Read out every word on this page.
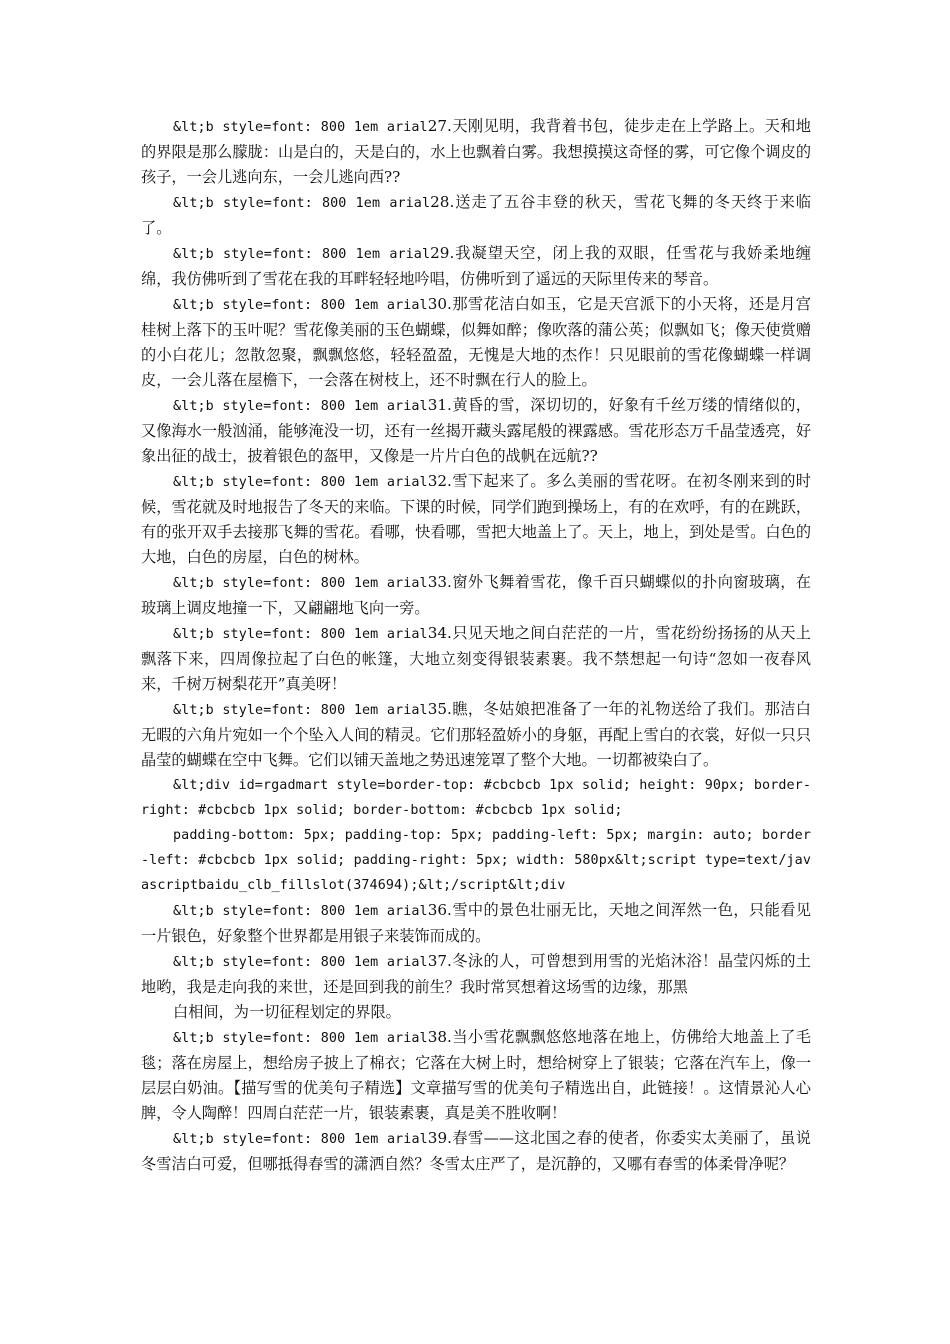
&lt;b style=font: 800 1em arial27.天刚见明，我背着书包，徒步走在上学路上。天和地的界限是那么朦胧：山是白的，天是白的，水上也飘着白雾。我想摸摸这奇怪的雾，可它像个调皮的孩子，一会儿逃向东，一会儿逃向西??

&lt;b style=font: 800 1em arial28.送走了五谷丰登的秋天，雪花飞舞的冬天终于来临了。

&lt;b style=font: 800 1em arial29.我凝望天空，闭上我的双眼，任雪花与我娇柔地缠绵，我仿佛听到了雪花在我的耳畔轻轻地吟唱，仿佛听到了遥远的天际里传来的琴音。

&lt;b style=font: 800 1em arial30.那雪花洁白如玉，它是天宫派下的小天将，还是月宫桂树上落下的玉叶呢？雪花像美丽的玉色蝴蝶，似舞如醉；像吹落的蒲公英；似飘如飞；像天使赏赠的小白花儿；忽散忽聚，飘飘悠悠，轻轻盈盈，无愧是大地的杰作！只见眼前的雪花像蝴蝶一样调皮，一会儿落在屋檐下，一会落在树枝上，还不时飘在行人的脸上。

&lt;b style=font: 800 1em arial31.黄昏的雪，深切切的，好象有千丝万缕的情绪似的，又像海水一般汹涌，能够淹没一切，还有一丝揭开藏头露尾般的裸露感。雪花形态万千晶莹透亮，好象出征的战士，披着银色的盔甲，又像是一片片白色的战帆在远航??

&lt;b style=font: 800 1em arial32.雪下起来了。多么美丽的雪花呀。在初冬刚来到的时候，雪花就及时地报告了冬天的来临。下课的时候，同学们跑到操场上，有的在欢呼，有的在跳跃，有的张开双手去接那飞舞的雪花。看哪，快看哪，雪把大地盖上了。天上，地上，到处是雪。白色的大地，白色的房屋，白色的树林。

&lt;b style=font: 800 1em arial33.窗外飞舞着雪花，像千百只蝴蝶似的扑向窗玻璃，在玻璃上调皮地撞一下，又翩翩地飞向一旁。

&lt;b style=font: 800 1em arial34.只见天地之间白茫茫的一片，雪花纷纷扬扬的从天上飘落下来，四周像拉起了白色的帐篷，大地立刻变得银装素裹。我不禁想起一句诗“忽如一夜春风来，千树万树梨花开”真美呀！

&lt;b style=font: 800 1em arial35.瞧，冬姑娘把准备了一年的礼物送给了我们。那洁白无暇的六角片宛如一个个坠入人间的精灵。它们那轻盈娇小的身躯，再配上雪白的衣裳，好似一只只晶莹的蝴蝶在空中飞舞。它们以铺天盖地之势迅速笼罩了整个大地。一切都被染白了。

&lt;div id=rgadmart style=border-top: #cbcbcb 1px solid; height: 90px; border-right: #cbcbcb 1px solid; border-bottom: #cbcbcb 1px solid;

padding-bottom: 5px; padding-top: 5px; padding-left: 5px; margin: auto; border-left: #cbcbcb 1px solid; padding-right: 5px; width: 580px&lt;script type=text/javascriptbaidu_clb_fillslot(374694);&lt;/script&lt;div

&lt;b style=font: 800 1em arial36.雪中的景色壮丽无比，天地之间浑然一色，只能看见一片银色，好象整个世界都是用银子来装饰而成的。

&lt;b style=font: 800 1em arial37.冬泳的人，可曾想到用雪的光焰沐浴！晶莹闪烁的土地哟，我是走向我的来世，还是回到我的前生？我时常冥想着这场雪的边缘，那黑

白相间，为一切征程划定的界限。

&lt;b style=font: 800 1em arial38.当小雪花飘飘悠悠地落在地上，仿佛给大地盖上了毛毯；落在房屋上，想给房子披上了棉衣；它落在大树上时，想给树穿上了银装；它落在汽车上，像一层层白奶油。【描写雪的优美句子精选】文章描写雪的优美句子精选出自，此链接！。这情景沁人心脾，令人陶醉！四周白茫茫一片，银装素裹，真是美不胜收啊！

&lt;b style=font: 800 1em arial39.春雪——这北国之春的使者，你委实太美丽了，虽说冬雪洁白可爱，但哪抵得春雪的潇洒自然？冬雪太庄严了，是沉静的，又哪有春雪的体柔骨净呢？
